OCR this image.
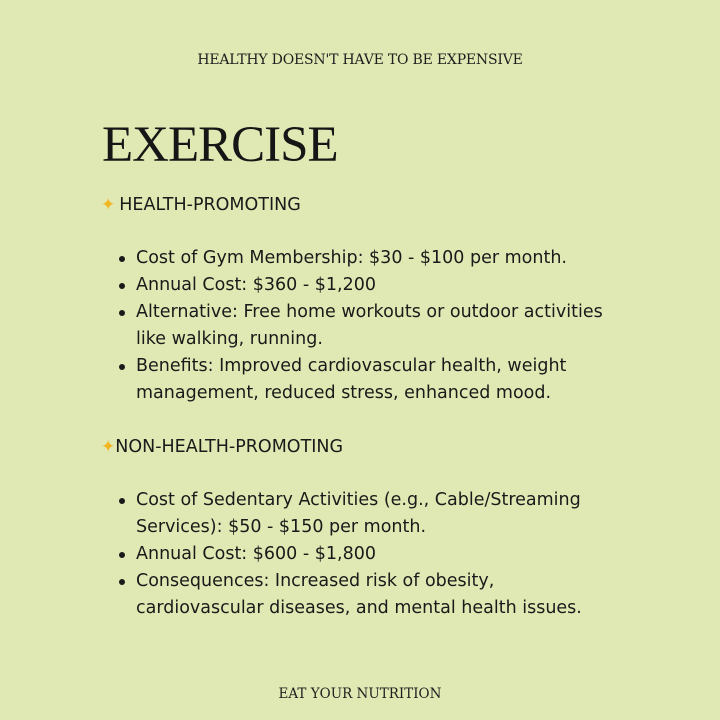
HEALTHY DOESN'T HAVE TO BE EXPENSIVE
EXERCISE
✦ HEALTH-PROMOTING
Cost of Gym Membership: $30 - $100 per month.
Annual Cost: $360 - $1,200
Alternative: Free home workouts or outdoor activities like walking, running.
Benefits: Improved cardiovascular health, weight management, reduced stress, enhanced mood.
✦NON-HEALTH-PROMOTING
Cost of Sedentary Activities (e.g., Cable/Streaming Services): $50 - $150 per month.
Annual Cost: $600 - $1,800
Consequences: Increased risk of obesity, cardiovascular diseases, and mental health issues.
EAT YOUR NUTRITION
